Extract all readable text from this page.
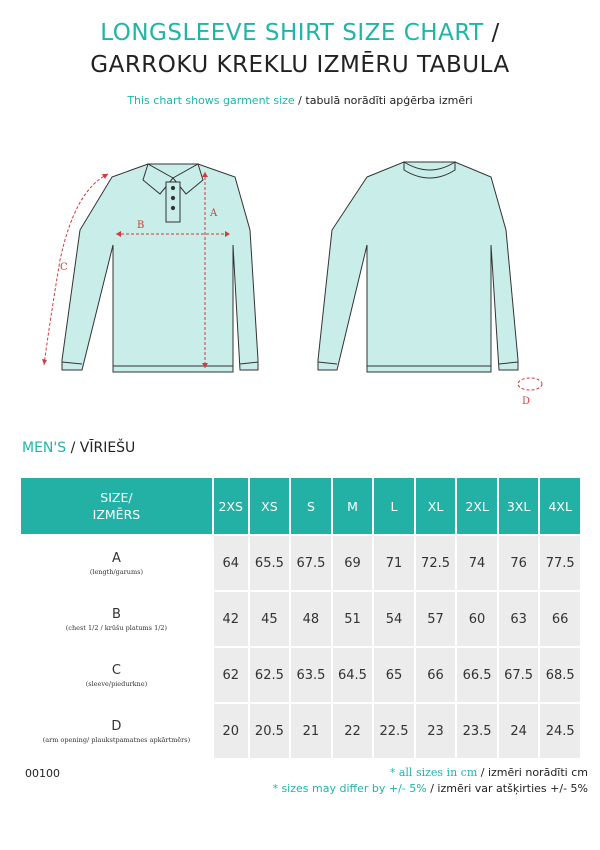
LONGSLEEVE SHIRT SIZE CHART /
GARROKU KREKLU IZMĒRU TABULA
This chart shows garment size / tabulā norādīti apģērba izmēri
B
A
C
D
MEN'S / VĪRIEŠU
SIZE/
IZMĒRS	2XS	XS	S	M	L	XL	2XL	3XL	4XL

A
(length/garums)	64	65.5	67.5	69	71	72.5	74	76	77.5

B
(chest 1/2 / krūšu platums 1/2)	42	45	48	51	54	57	60	63	66

C
(sleeve/piedurkne)	62	62.5	63.5	64.5	65	66	66.5	67.5	68.5

D
(arm opening/ plaukstpamatnes apkārtmērs)	20	20.5	21	22	22.5	23	23.5	24	24.5
00100	* all sizes in cm / izmēri norādīti cm
* sizes may differ by +/- 5% / izmēri var atšķirties +/- 5%
